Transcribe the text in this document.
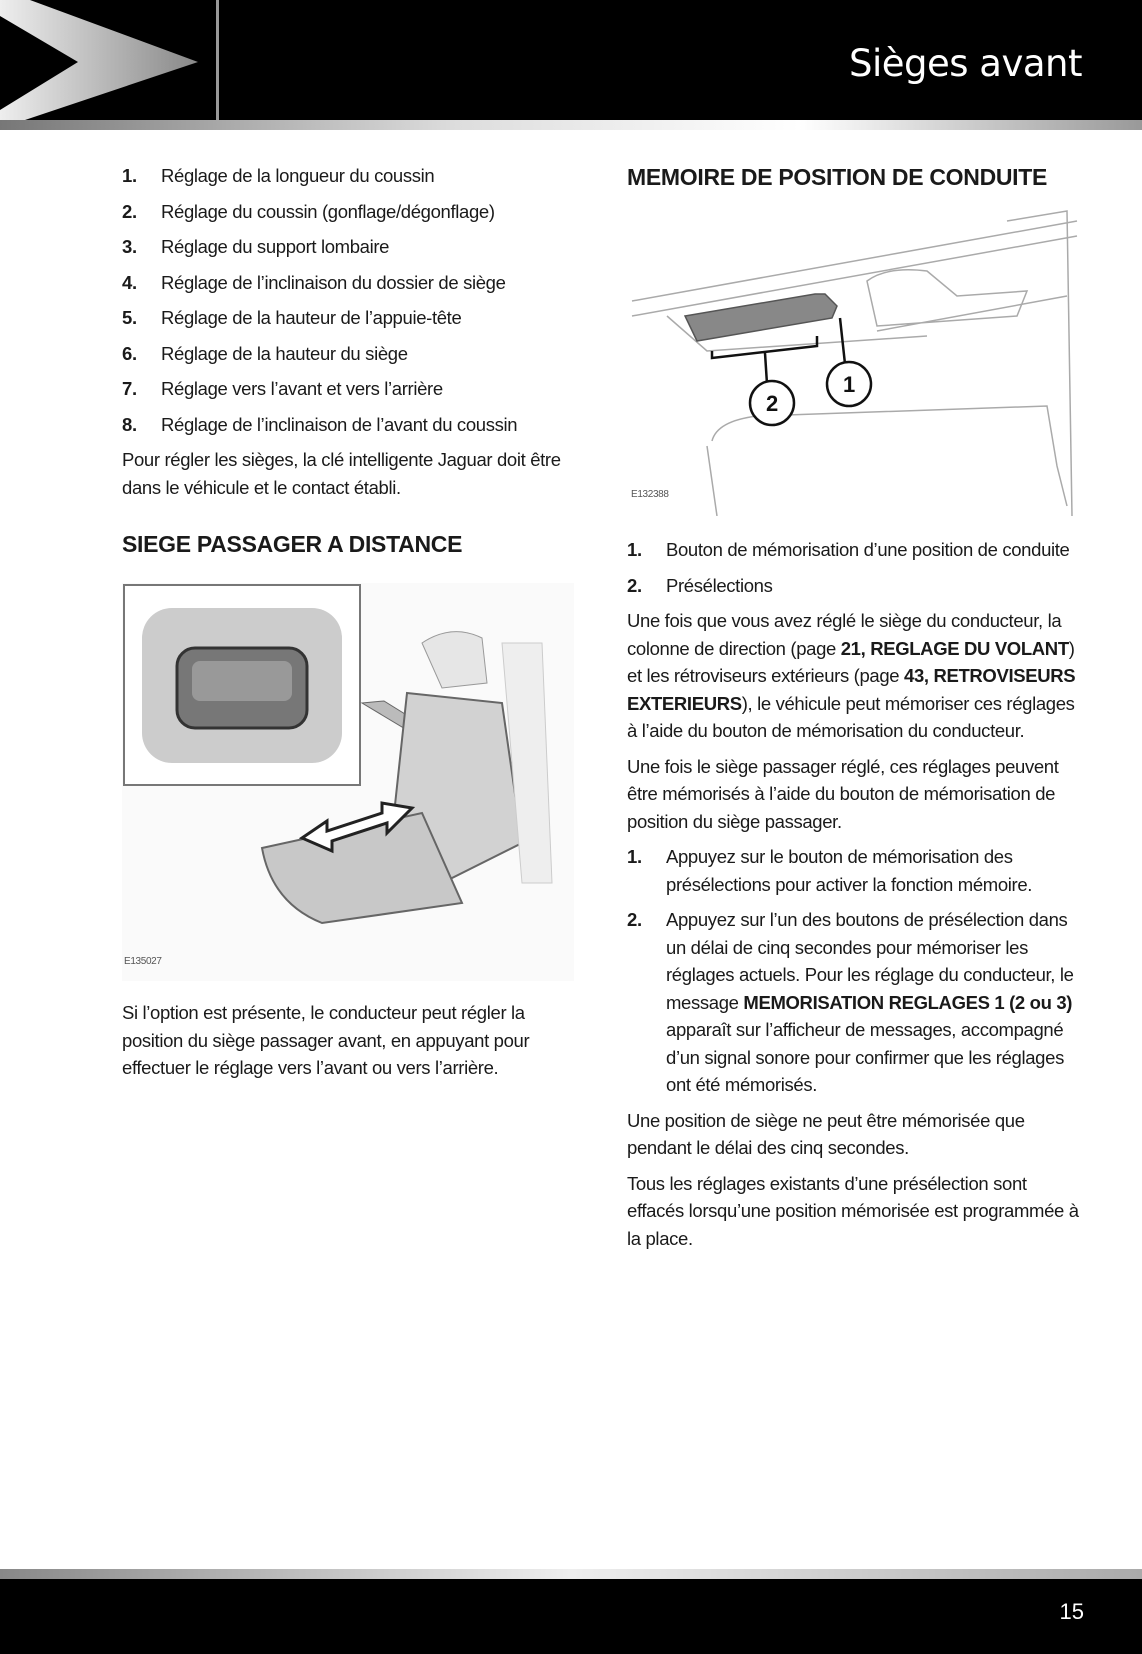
Sièges avant
1.	Réglage de la longueur du coussin
2.	Réglage du coussin (gonflage/dégonflage)
3.	Réglage du support lombaire
4.	Réglage de l’inclinaison du dossier de siège
5.	Réglage de la hauteur de l’appuie-tête
6.	Réglage de la hauteur du siège
7.	Réglage vers l’avant et vers l’arrière
8.	Réglage de l’inclinaison de l’avant du coussin

Pour régler les sièges, la clé intelligente Jaguar doit être dans le véhicule et le contact établi.

SIEGE PASSAGER A DISTANCE
E135027

Si l’option est présente, le conducteur peut régler la position du siège passager avant, en appuyant pour effectuer le réglage vers l’avant ou vers l’arrière.

MEMOIRE DE POSITION DE CONDUITE
2
1
E132388
1.	Bouton de mémorisation d’une position de conduite
2.	Présélections

Une fois que vous avez réglé le siège du conducteur, la colonne de direction (page 21, REGLAGE DU VOLANT) et les rétroviseurs extérieurs (page 43, RETROVISEURS EXTERIEURS), le véhicule peut mémoriser ces réglages à l’aide du bouton de mémorisation du conducteur.

Une fois le siège passager réglé, ces réglages peuvent être mémorisés à l’aide du bouton de mémorisation de position du siège passager.

1.	Appuyez sur le bouton de mémorisation des présélections pour activer la fonction mémoire.
2.	Appuyez sur l’un des boutons de présélection dans un délai de cinq secondes pour mémoriser les réglages actuels. Pour les réglage du conducteur, le message MEMORISATION REGLAGES 1 (2 ou 3) apparaît sur l’afficheur de messages, accompagné d’un signal sonore pour confirmer que les réglages ont été mémorisés.

Une position de siège ne peut être mémorisée que pendant le délai des cinq secondes.

Tous les réglages existants d’une présélection sont effacés lorsqu’une position mémorisée est programmée à la place.

15
